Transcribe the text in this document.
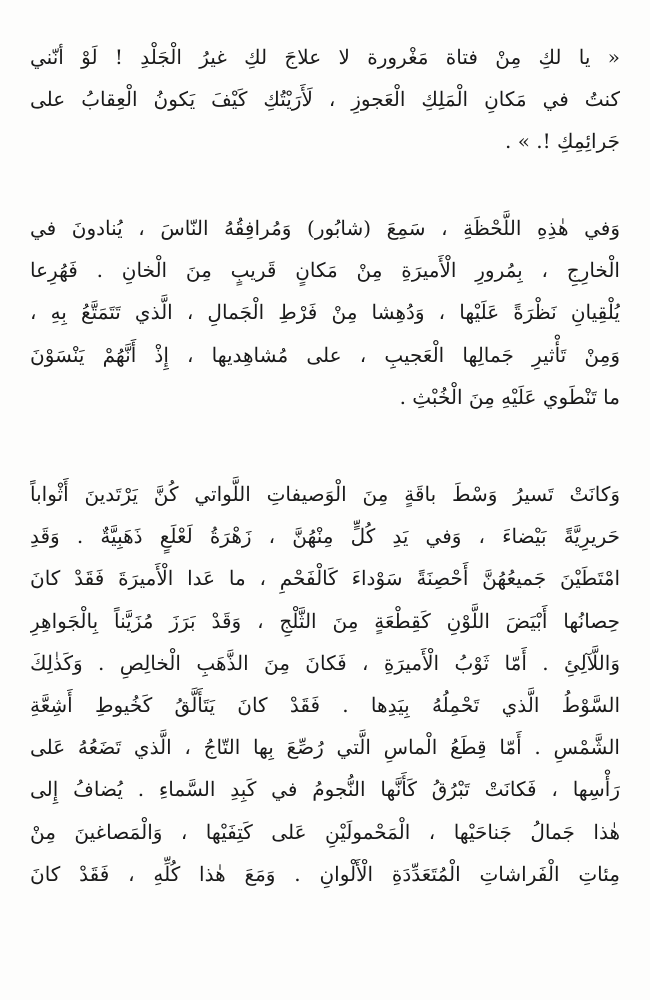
« يا لكِ مِنْ فتاة مَغْرورة لا علاجَ لكِ غيرُ الْجَلْدِ ! لَوْ أنّني
كنتُ في مَكانِ الْمَلِكِ الْعَجوزِ ، لَأَرَيْتُكِ كَيْفَ يَكونُ الْعِقابُ على
جَرائِمِكِ !. » .
وَفي هٰذِهِ اللَّحْظَةِ ، سَمِعَ (شابُور) وَمُرافِقُهُ النّاسَ ، يُنادونَ في
الْخارِجِ ، بِمُرورِ الْأَميرَةِ مِنْ مَكانٍ قَريبٍ مِنَ الْخانِ . فَهُرِعا
يُلْقِيانِ نَظْرَةً عَلَيْها ، وَدُهِشا مِنْ فَرْطِ الْجَمالِ ، الَّذي تَتَمَتَّعُ بِهِ ،
وَمِنْ تَأْثيرِ جَمالِها الْعَجيبِ ، على مُشاهِديها ، إِذْ أَنَّهُمْ يَنْسَوْنَ
ما تَنْطَوي عَلَيْهِ مِنَ الْخُبْثِ .
وَكانَتْ تَسيرُ وَسْطَ باقَةٍ مِنَ الْوَصيفاتِ اللَّواتي كُنَّ يَرْتَدينَ أَثْواباً
حَريرِيَّةً بَيْضاءَ ، وَفي يَدِ كُلٍّ مِنْهُنَّ ، زَهْرَةُ لَعْلَعٍ ذَهَبِيَّةٌ . وَقَدِ
امْتَطَيْنَ جَميعُهُنَّ أَحْصِنَةً سَوْداءَ كَالْفَحْمِ ، ما عَدا الْأَميرَةَ فَقَدْ كانَ
حِصانُها أَبْيَضَ اللَّوْنِ كَقِطْعَةٍ مِنَ الثَّلْجِ ، وَقَدْ بَرَزَ مُزَيَّناً بِالْجَواهِرِ
وَاللَّآلِئِ . أَمّا ثَوْبُ الْأَميرَةِ ، فَكانَ مِنَ الذَّهَبِ الْخالِصِ . وَكَذٰلِكَ
السَّوْطُ الَّذي تَحْمِلُهُ بِيَدِها . فَقَدْ كانَ يَتَأَلَّقُ كَخُيوطِ أَشِعَّةِ
الشَّمْسِ . أَمّا قِطَعُ الْماسِ الَّتي رُصِّعَ بِها التّاجُ ، الَّذي تَضَعُهُ عَلى
رَأْسِها ، فَكانَتْ تَبْرُقُ كَأَنَّها النُّجومُ في كَبِدِ السَّماءِ . يُضافُ إِلى
هٰذا جَمالُ جَناحَيْها ، الْمَحْمولَيْنِ عَلى كَتِفَيْها ، وَالْمَصاغينَ مِنْ
مِئاتِ الْفَراشاتِ الْمُتَعَدِّدَةِ الْأَلْوانِ . وَمَعَ هٰذا كُلِّهِ ، فَقَدْ كانَ
